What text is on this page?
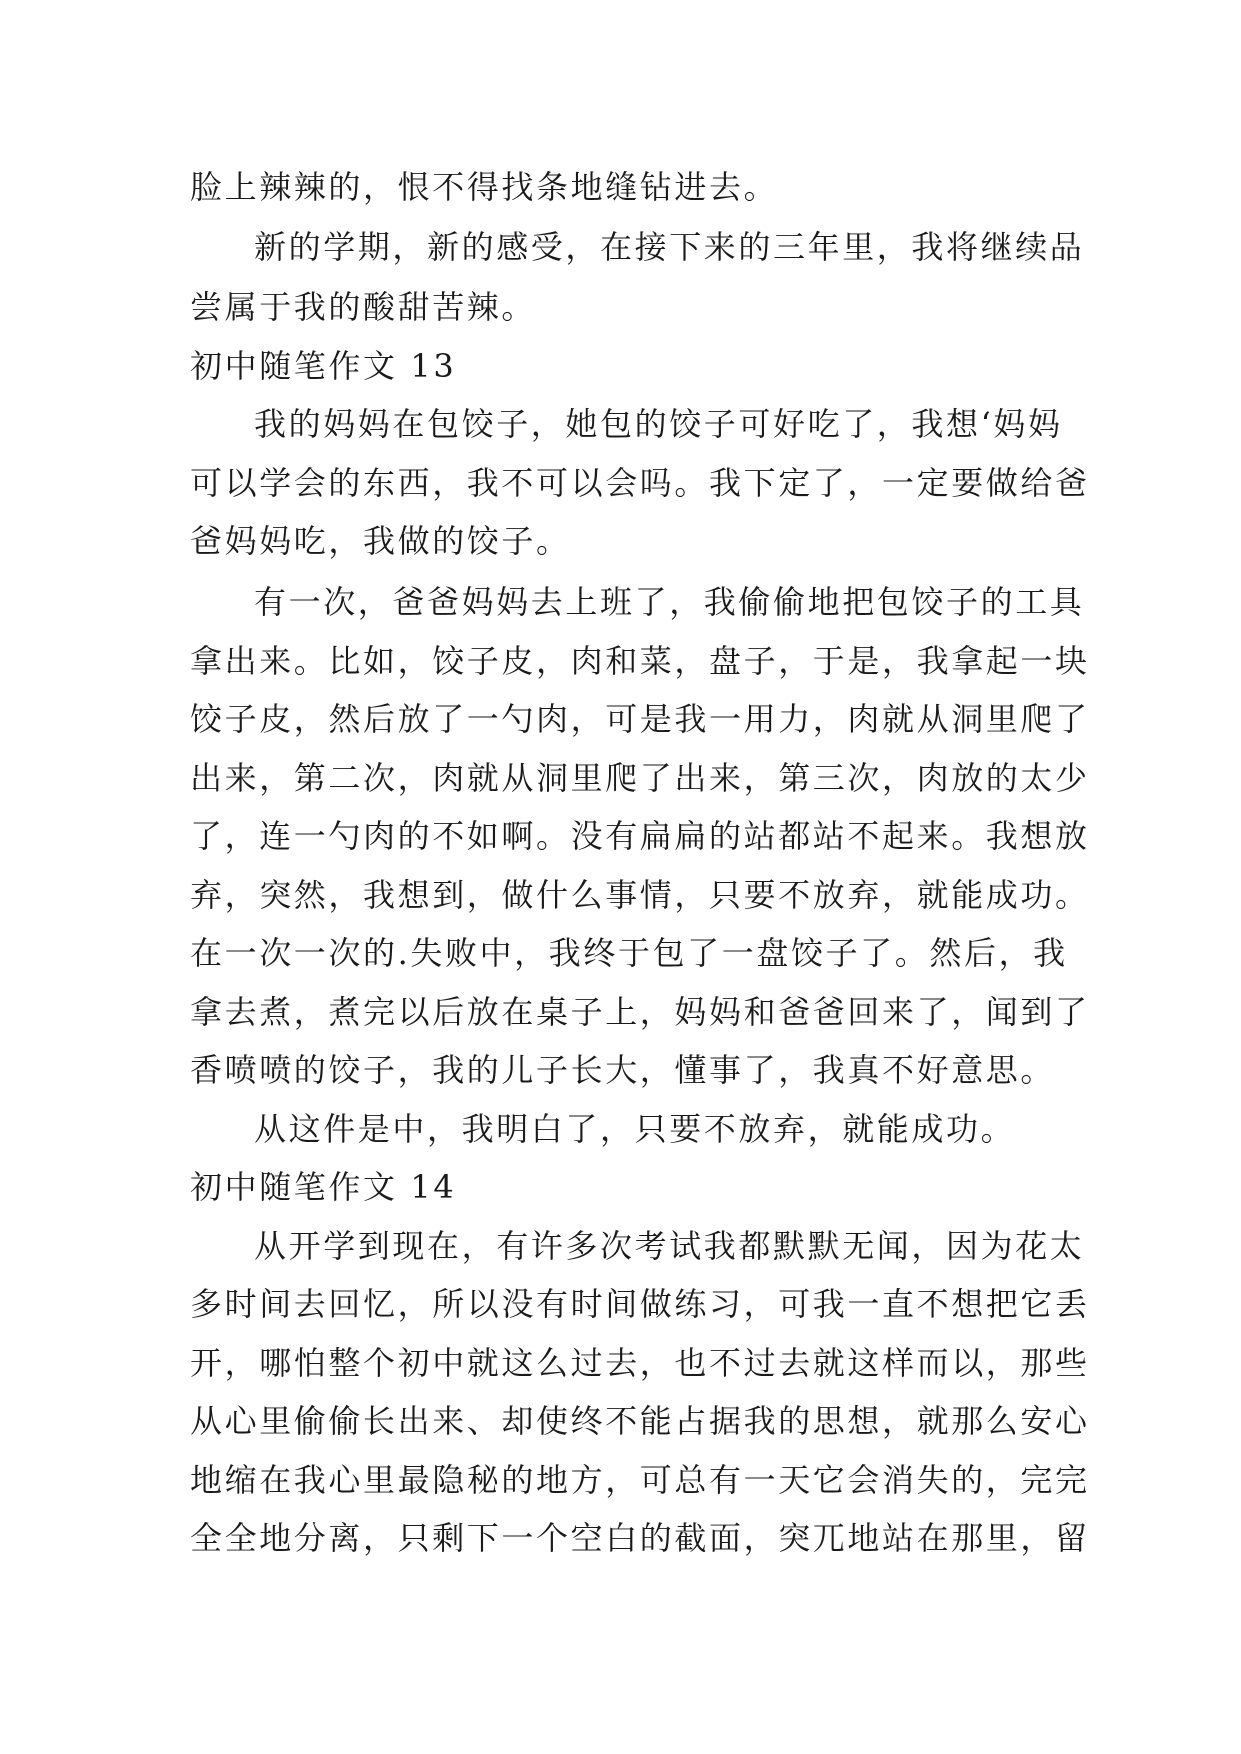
脸上辣辣的，恨不得找条地缝钻进去。
新的学期，新的感受，在接下来的三年里，我将继续品
尝属于我的酸甜苦辣。
初中随笔作文 13
我的妈妈在包饺子，她包的饺子可好吃了，我想‘妈妈
可以学会的东西，我不可以会吗。我下定了，一定要做给爸
爸妈妈吃，我做的饺子。
有一次，爸爸妈妈去上班了，我偷偷地把包饺子的工具
拿出来。比如，饺子皮，肉和菜，盘子，于是，我拿起一块
饺子皮，然后放了一勺肉，可是我一用力，肉就从洞里爬了
出来，第二次，肉就从洞里爬了出来，第三次，肉放的太少
了，连一勺肉的不如啊。没有扁扁的站都站不起来。我想放
弃，突然，我想到，做什么事情，只要不放弃，就能成功。
在一次一次的.失败中，我终于包了一盘饺子了。然后，我
拿去煮，煮完以后放在桌子上，妈妈和爸爸回来了，闻到了
香喷喷的饺子，我的儿子长大，懂事了，我真不好意思。
从这件是中，我明白了，只要不放弃，就能成功。
初中随笔作文 14
从开学到现在，有许多次考试我都默默无闻，因为花太
多时间去回忆，所以没有时间做练习，可我一直不想把它丢
开，哪怕整个初中就这么过去，也不过去就这样而以，那些
从心里偷偷长出来、却使终不能占据我的思想，就那么安心
地缩在我心里最隐秘的地方，可总有一天它会消失的，完完
全全地分离，只剩下一个空白的截面，突兀地站在那里，留
